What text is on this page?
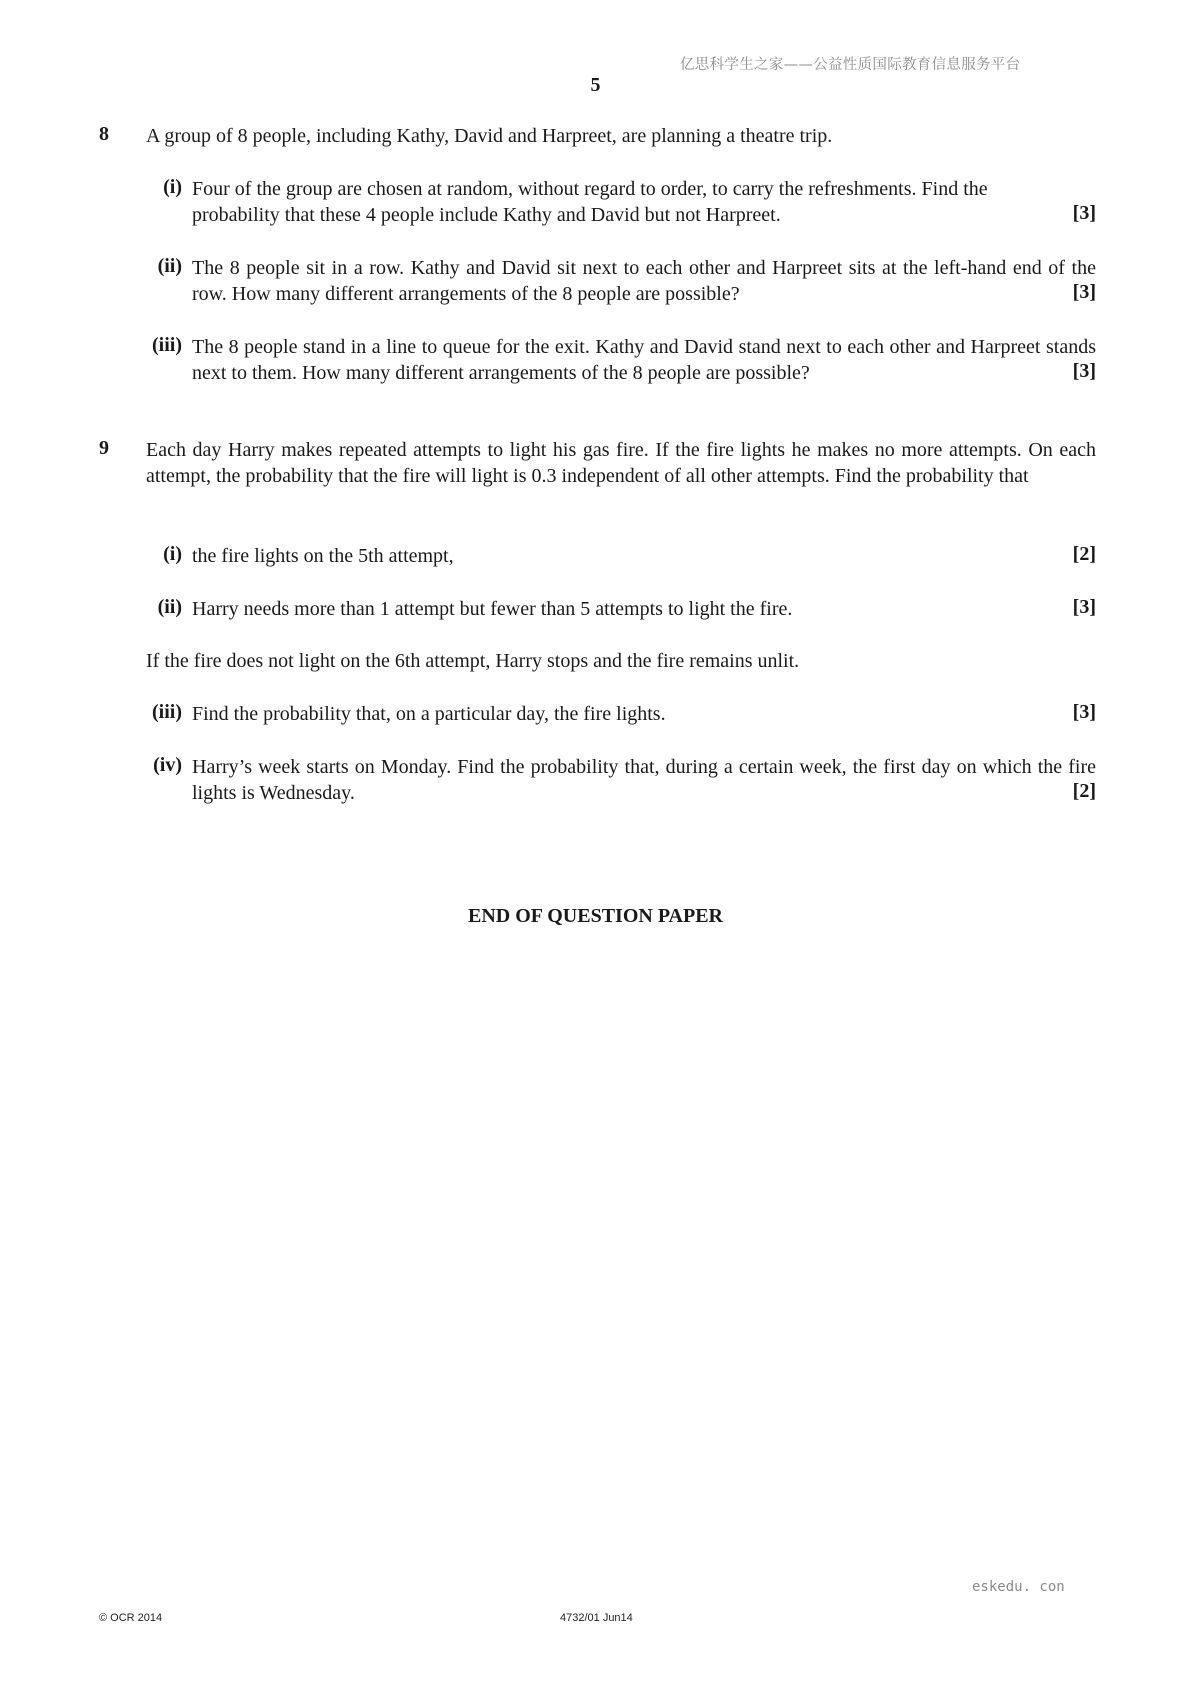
亿思科学生之家——公益性质国际教育信息服务平台
5
8 A group of 8 people, including Kathy, David and Harpreet, are planning a theatre trip.
(i) Four of the group are chosen at random, without regard to order, to carry the refreshments. Find the probability that these 4 people include Kathy and David but not Harpreet.	[3]
(ii) The 8 people sit in a row. Kathy and David sit next to each other and Harpreet sits at the left-hand end of the row. How many different arrangements of the 8 people are possible?	[3]
(iii) The 8 people stand in a line to queue for the exit. Kathy and David stand next to each other and Harpreet stands next to them. How many different arrangements of the 8 people are possible?	[3]
9 Each day Harry makes repeated attempts to light his gas fire. If the fire lights he makes no more attempts. On each attempt, the probability that the fire will light is 0.3 independent of all other attempts. Find the probability that
(i) the fire lights on the 5th attempt,	[2]
(ii) Harry needs more than 1 attempt but fewer than 5 attempts to light the fire.	[3]
If the fire does not light on the 6th attempt, Harry stops and the fire remains unlit.
(iii) Find the probability that, on a particular day, the fire lights.	[3]
(iv) Harry’s week starts on Monday. Find the probability that, during a certain week, the first day on which the fire lights is Wednesday.	[2]
END OF QUESTION PAPER
eskedu. con
© OCR 2014	4732/01 Jun14
